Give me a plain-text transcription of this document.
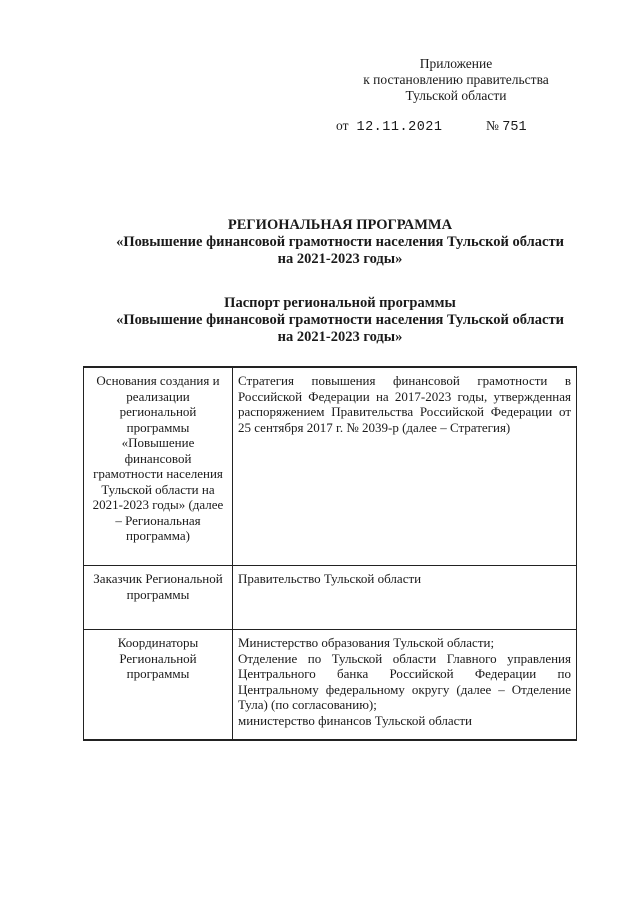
Приложение
к постановлению правительства
Тульской области
от 12.11.2021	№ 751
РЕГИОНАЛЬНАЯ ПРОГРАММА
«Повышение финансовой грамотности населения Тульской области
на 2021-2023 годы»
Паспорт региональной программы
«Повышение финансовой грамотности населения Тульской области
на 2021-2023 годы»
Основания создания и реализации региональной программы «Повышение финансовой грамотности населения Тульской области на 2021-2023 годы» (далее – Региональная программа)	Стратегия повышения финансовой грамотности в Российской Федерации на 2017-2023 годы, утвержденная распоряжением Правительства Российской Федерации от 25 сентября 2017 г. № 2039-р (далее – Стратегия)

Заказчик Региональной программы	Правительство Тульской области

Координаторы Региональной программы	Министерство образования Тульской области;
Отделение по Тульской области Главного управления Центрального банка Российской Федерации по Центральному федеральному округу (далее – Отделение Тула) (по согласованию);
министерство финансов Тульской области
